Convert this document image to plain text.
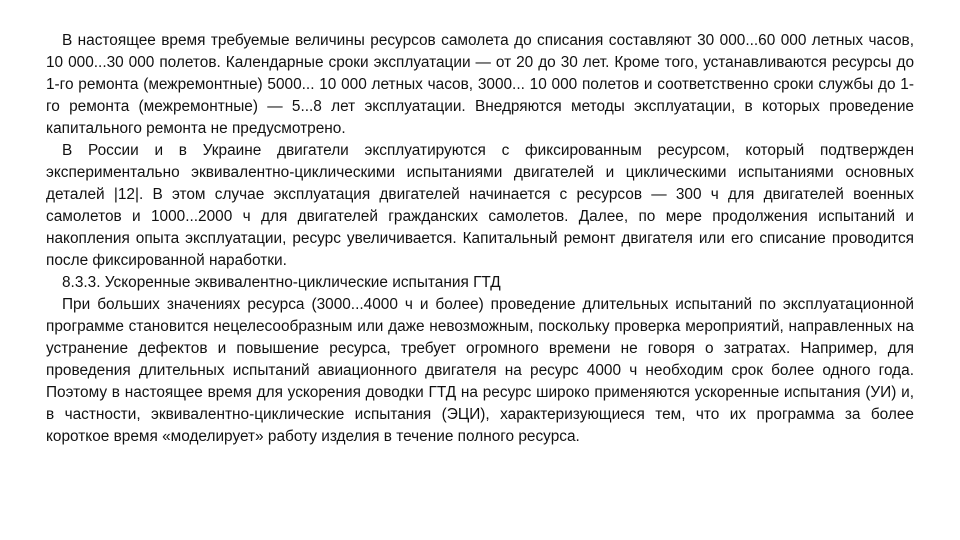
В настоящее время требуемые величины ресурсов самолета до списания составляют 30 000...60 000 летных часов, 10 000...30 000 полетов. Календарные сроки эксплуатации — от 20 до 30 лет. Кроме того, устанавливаются ресурсы до 1-го ремонта (межремонтные) 5000... 10 000 летных часов, 3000... 10 000 полетов и соответственно сроки службы до 1-го ремонта (межремонтные) — 5...8 лет эксплуатации. Внедряются методы эксплуатации, в которых проведение капитального ремонта не предусмотрено.

В России и в Украине двигатели эксплуатируются с фиксированным ресурсом, который подтвержден экспериментально эквивалентно-циклическими испытаниями двигателей и циклическими испытаниями основных деталей |12|. В этом случае эксплуатация двигателей начинается с ресурсов — 300 ч для двигателей военных самолетов и 1000...2000 ч для двигателей гражданских самолетов. Далее, по мере продолжения испытаний и накопления опыта эксплуатации, ресурс увеличивается. Капитальный ремонт двигателя или его списание проводится после фиксированной наработки.

8.3.3. Ускоренные эквивалентно-циклические испытания ГТД

При больших значениях ресурса (3000...4000 ч и более) проведение длительных испытаний по эксплуатационной программе становится нецелесообразным или даже невозможным, поскольку проверка мероприятий, направленных на устранение дефектов и повышение ресурса, требует огромного времени не говоря о затратах. Например, для проведения длительных испытаний авиационного двигателя на ресурс 4000 ч необходим срок более одного года. Поэтому в настоящее время для ускорения доводки ГТД на ресурс широко применяются ускоренные испытания (УИ) и, в частности, эквивалентно-циклические испытания (ЭЦИ), характеризующиеся тем, что их программа за более короткое время «моделирует» работу изделия в течение полного ресурса.
